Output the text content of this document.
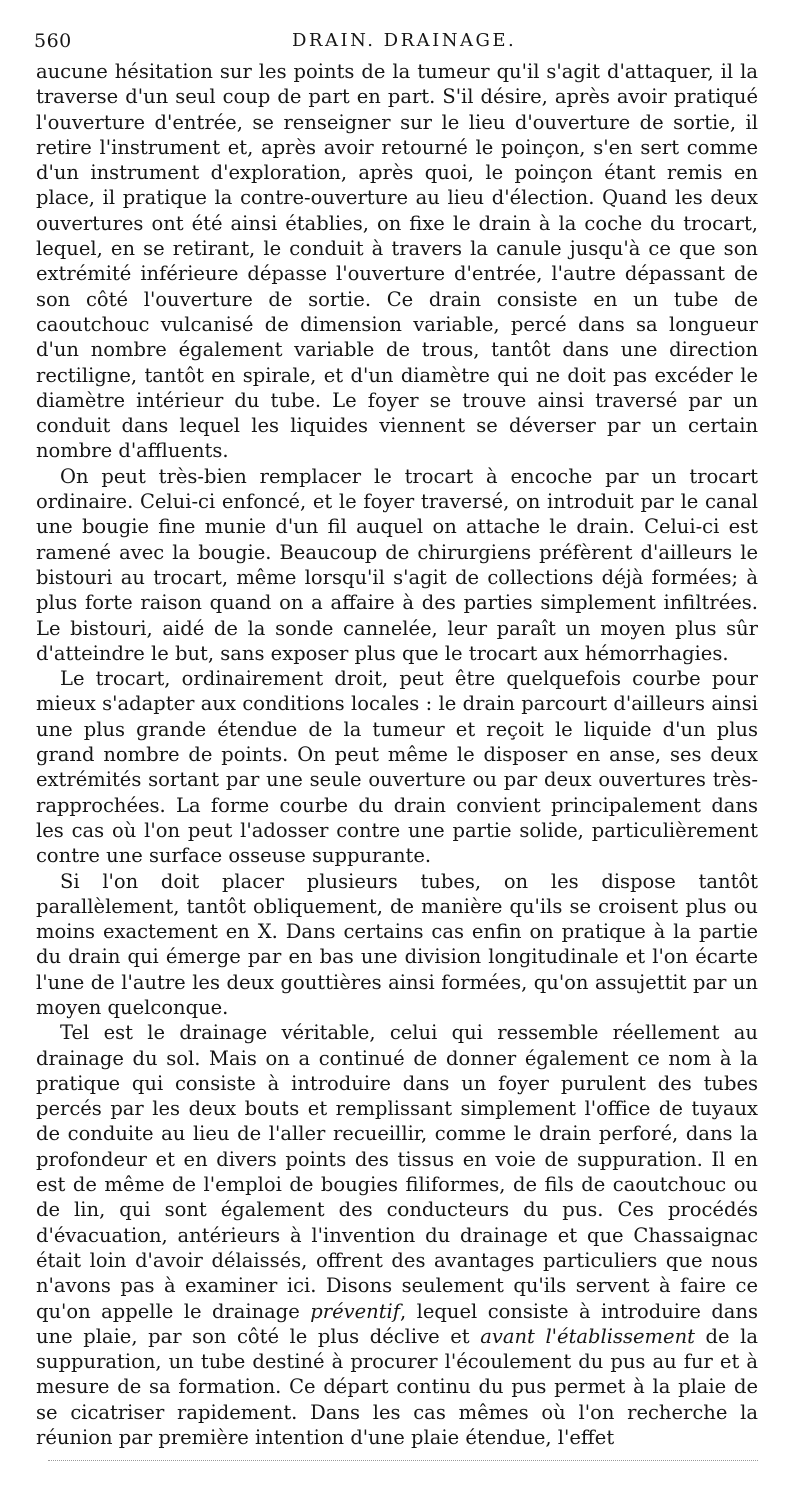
560	DRAIN. DRAINAGE.

aucune hésitation sur les points de la tumeur qu'il s'agit d'attaquer, il la traverse d'un seul coup de part en part. S'il désire, après avoir pratiqué l'ouverture d'entrée, se renseigner sur le lieu d'ouverture de sortie, il retire l'instrument et, après avoir retourné le poinçon, s'en sert comme d'un instrument d'exploration, après quoi, le poinçon étant remis en place, il pratique la contre-ouverture au lieu d'élection. Quand les deux ouvertures ont été ainsi établies, on fixe le drain à la coche du trocart, lequel, en se retirant, le conduit à travers la canule jusqu'à ce que son extrémité inférieure dépasse l'ouverture d'entrée, l'autre dépassant de son côté l'ouverture de sortie. Ce drain consiste en un tube de caoutchouc vulcanisé de dimension variable, percé dans sa longueur d'un nombre également variable de trous, tantôt dans une direction rectiligne, tantôt en spirale, et d'un diamètre qui ne doit pas excéder le diamètre intérieur du tube. Le foyer se trouve ainsi traversé par un conduit dans lequel les liquides viennent se déverser par un certain nombre d'affluents.

On peut très-bien remplacer le trocart à encoche par un trocart ordinaire. Celui-ci enfoncé, et le foyer traversé, on introduit par le canal une bougie fine munie d'un fil auquel on attache le drain. Celui-ci est ramené avec la bougie. Beaucoup de chirurgiens préfèrent d'ailleurs le bistouri au trocart, même lorsqu'il s'agit de collections déjà formées; à plus forte raison quand on a affaire à des parties simplement infiltrées. Le bistouri, aidé de la sonde cannelée, leur paraît un moyen plus sûr d'atteindre le but, sans exposer plus que le trocart aux hémorrhagies.

Le trocart, ordinairement droit, peut être quelquefois courbe pour mieux s'adapter aux conditions locales : le drain parcourt d'ailleurs ainsi une plus grande étendue de la tumeur et reçoit le liquide d'un plus grand nombre de points. On peut même le disposer en anse, ses deux extrémités sortant par une seule ouverture ou par deux ouvertures très-rapprochées. La forme courbe du drain convient principalement dans les cas où l'on peut l'adosser contre une partie solide, particulièrement contre une surface osseuse suppurante.

Si l'on doit placer plusieurs tubes, on les dispose tantôt parallèlement, tantôt obliquement, de manière qu'ils se croisent plus ou moins exactement en X. Dans certains cas enfin on pratique à la partie du drain qui émerge par en bas une division longitudinale et l'on écarte l'une de l'autre les deux gouttières ainsi formées, qu'on assujettit par un moyen quelconque.

Tel est le drainage véritable, celui qui ressemble réellement au drainage du sol. Mais on a continué de donner également ce nom à la pratique qui consiste à introduire dans un foyer purulent des tubes percés par les deux bouts et remplissant simplement l'office de tuyaux de conduite au lieu de l'aller recueillir, comme le drain perforé, dans la profondeur et en divers points des tissus en voie de suppuration. Il en est de même de l'emploi de bougies filiformes, de fils de caoutchouc ou de lin, qui sont également des conducteurs du pus. Ces procédés d'évacuation, antérieurs à l'invention du drainage et que Chassaignac était loin d'avoir délaissés, offrent des avantages particuliers que nous n'avons pas à examiner ici. Disons seulement qu'ils servent à faire ce qu'on appelle le drainage préventif, lequel consiste à introduire dans une plaie, par son côté le plus déclive et avant l'établissement de la suppuration, un tube destiné à procurer l'écoulement du pus au fur et à mesure de sa formation. Ce départ continu du pus permet à la plaie de se cicatriser rapidement. Dans les cas mêmes où l'on recherche la réunion par première intention d'une plaie étendue, l'effet
